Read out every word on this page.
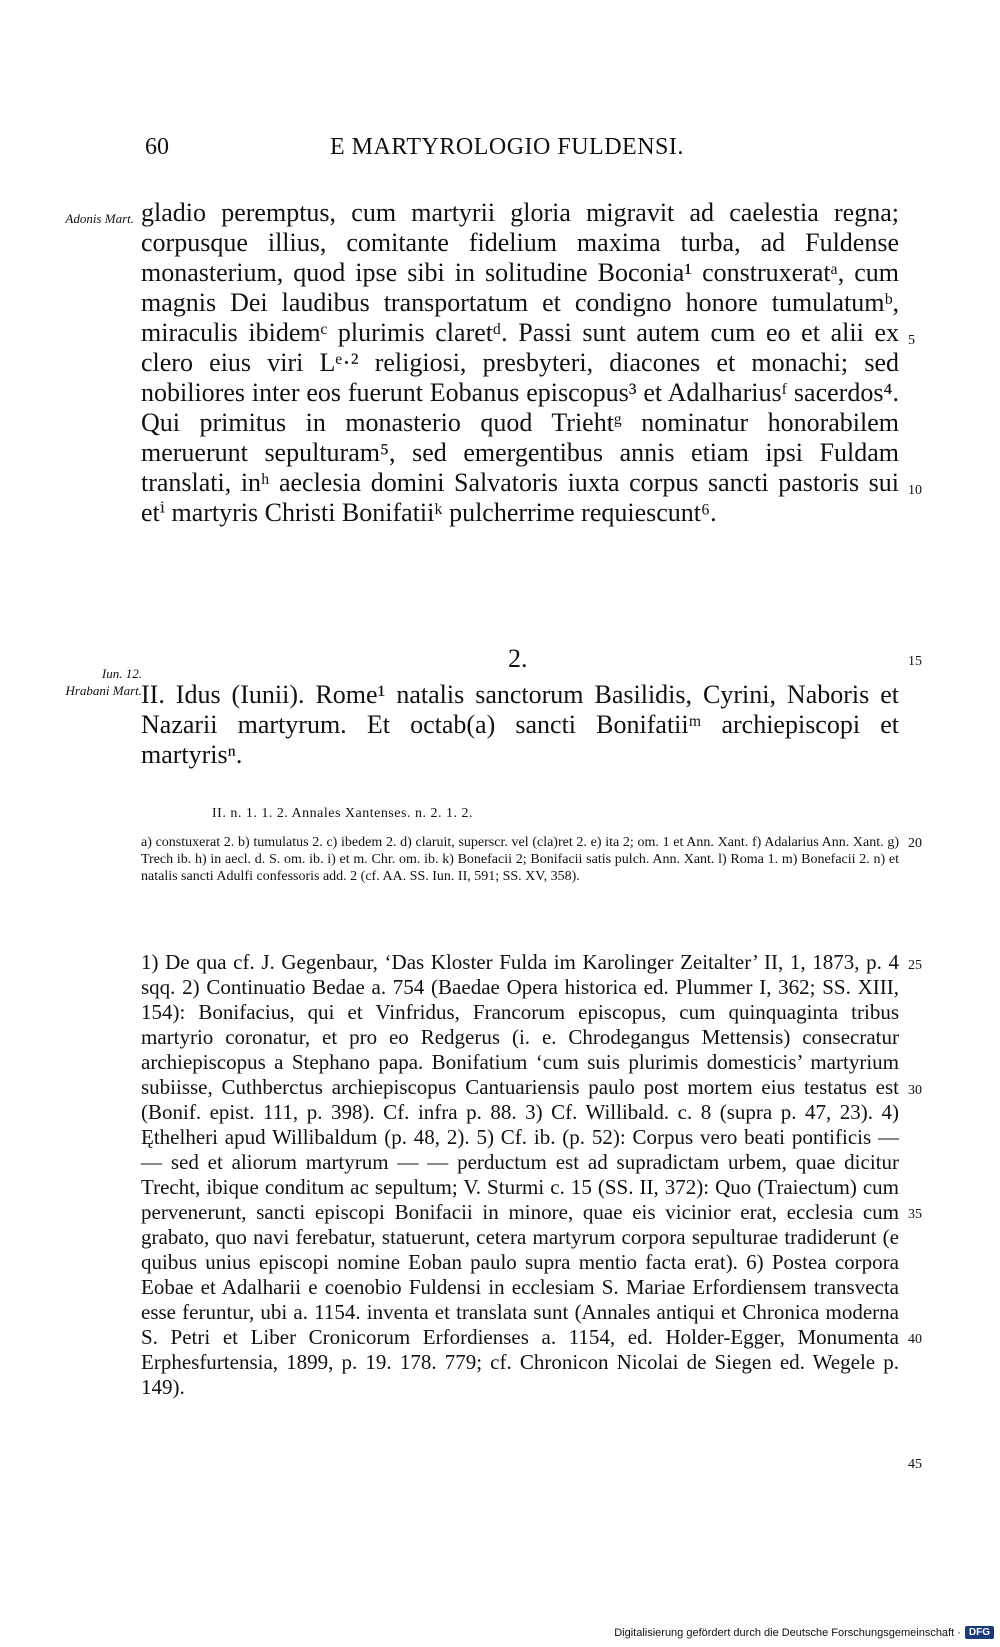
60	E MARTYROLOGIO FULDENSI.
Adonis Mart. gladio peremptus, cum martyrii gloria migravit ad caelestia regna; corpusque illius, comitante fidelium maxima turba, ad Fuldense monasterium, quod ipse sibi in solitudine Boconia¹ construxeratᵃ, cum magnis Dei laudibus transportatum et condigno honore tumulatumᵇ, miraculis ibidemᶜ plurimis claretᵈ. Passi sunt autem cum eo et alii ex clero eius viri Lᵉ·² religiosi, presbyteri, diacones et monachi; sed nobiliores inter eos fuerunt Eobanus episcopus³ et Adalhariusᶠ sacerdos⁴. Qui primitus in monasterio quod Triehtᵍ nominatur honorabilem meruerunt sepulturam⁵, sed emergentibus annis etiam ipsi Fuldam translati, inʰ aeclesia domini Salvatoris iuxta corpus sancti pastoris sui etⁱ martyris Christi Bonifatiiᵏ pulcherrime requiescunt⁶.
5
10
2.	15
Iun. 12.
Hrabani Mart. II. Idus (Iunii). Rome¹ natalis sanctorum Basilidis, Cyrini, Naboris et Nazarii martyrum. Et octab(a) sancti Bonifatiiᵐ archiepiscopi et martyrisⁿ.
II. n. 1. 1. 2. Annales Xantenses. n. 2. 1. 2.
a) constuxerat 2. b) tumulatus 2. c) ibedem 2. d) claruit, superscr. vel (cla)ret 2. e) ita 2; om. 1 et Ann. Xant. f) Adalarius Ann. Xant. g) Trech ib. h) in aecl. d. S. om. ib. i) et m. Chr. om. ib. k) Bonefacii 2; Bonifacii satis pulch. Ann. Xant. l) Roma 1. m) Bonefacii 2. n) et natalis sancti Adulfi confessoris add. 2 (cf. AA. SS. Iun. II, 591; SS. XV, 358).
20
1) De qua cf. J. Gegenbaur, ‘Das Kloster Fulda im Karolinger Zeitalter’ II, 1, 1873, p. 4 sqq. 2) Continuatio Bedae a. 754 (Baedae Opera historica ed. Plummer I, 362; SS. XIII, 154): Bonifacius, qui et Vinfridus, Francorum episcopus, cum quinquaginta tribus martyrio coronatur, et pro eo Redgerus (i. e. Chrodegangus Mettensis) consecratur archiepiscopus a Stephano papa. Bonifatium ‘cum suis plurimis domesticis’ martyrium subiisse, Cuthberctus archiepiscopus Cantuariensis paulo post mortem eius testatus est (Bonif. epist. 111, p. 398). Cf. infra p. 88. 3) Cf. Willibald. c. 8 (supra p. 47, 23). 4) Ęthelheri apud Willibaldum (p. 48, 2). 5) Cf. ib. (p. 52): Corpus vero beati pontificis — — sed et aliorum martyrum — — perductum est ad supradictam urbem, quae dicitur Trecht, ibique conditum ac sepultum; V. Sturmi c. 15 (SS. II, 372): Quo (Traiectum) cum pervenerunt, sancti episcopi Bonifacii in minore, quae eis vicinior erat, ecclesia cum grabato, quo navi ferebatur, statuerunt, cetera martyrum corpora sepulturae tradiderunt (e quibus unius episcopi nomine Eoban paulo supra mentio facta erat). 6) Postea corpora Eobae et Adalharii e coenobio Fuldensi in ecclesiam S. Mariae Erfordiensem transvecta esse feruntur, ubi a. 1154. inventa et translata sunt (Annales antiqui et Chronica moderna S. Petri et Liber Cronicorum Erfordienses a. 1154, ed. Holder-Egger, Monumenta Erphesfurtensia, 1899, p. 19. 178. 779; cf. Chronicon Nicolai de Siegen ed. Wegele p. 149).
25
30
35
40
45
Digitalisierung gefördert durch die Deutsche Forschungsgemeinschaft · DFG
